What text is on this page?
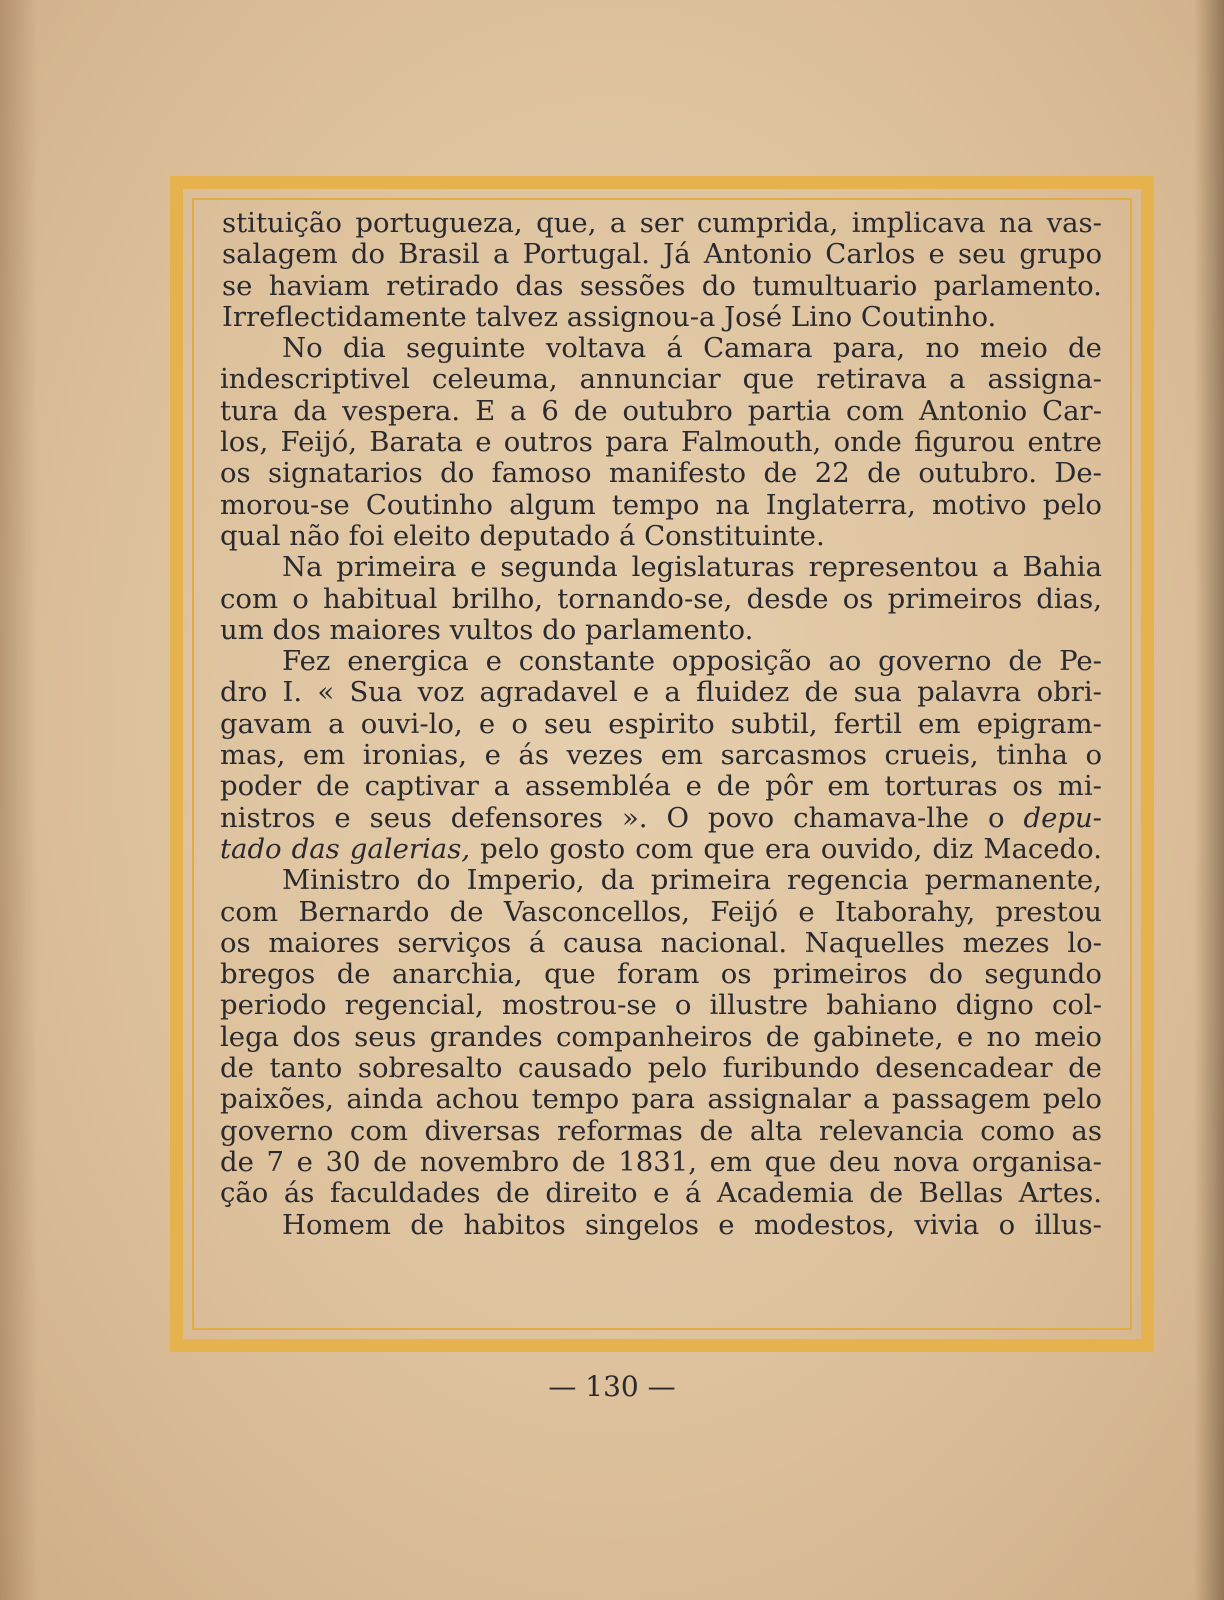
stituição portugueza, que, a ser cumprida, implicava na vas-
salagem do Brasil a Portugal. Já Antonio Carlos e seu grupo
se haviam retirado das sessões do tumultuario parlamento.
Irreflectidamente talvez assignou-a José Lino Coutinho.
No dia seguinte voltava á Camara para, no meio de
indescriptivel celeuma, annunciar que retirava a assigna-
tura da vespera. E a 6 de outubro partia com Antonio Car-
los, Feijó, Barata e outros para Falmouth, onde figurou entre
os signatarios do famoso manifesto de 22 de outubro. De-
morou-se Coutinho algum tempo na Inglaterra, motivo pelo
qual não foi eleito deputado á Constituinte.
Na primeira e segunda legislaturas representou a Bahia
com o habitual brilho, tornando-se, desde os primeiros dias,
um dos maiores vultos do parlamento.
Fez energica e constante opposição ao governo de Pe-
dro I. « Sua voz agradavel e a fluidez de sua palavra obri-
gavam a ouvi-lo, e o seu espirito subtil, fertil em epigram-
mas, em ironias, e ás vezes em sarcasmos crueis, tinha o
poder de captivar a assembléa e de pôr em torturas os mi-
nistros e seus defensores ». O povo chamava-lhe o depu-
tado das galerias, pelo gosto com que era ouvido, diz Macedo.
Ministro do Imperio, da primeira regencia permanente,
com Bernardo de Vasconcellos, Feijó e Itaborahy, prestou
os maiores serviços á causa nacional. Naquelles mezes lo-
bregos de anarchia, que foram os primeiros do segundo
periodo regencial, mostrou-se o illustre bahiano digno col-
lega dos seus grandes companheiros de gabinete, e no meio
de tanto sobresalto causado pelo furibundo desencadear de
paixões, ainda achou tempo para assignalar a passagem pelo
governo com diversas reformas de alta relevancia como as
de 7 e 30 de novembro de 1831, em que deu nova organisa-
ção ás faculdades de direito e á Academia de Bellas Artes.
Homem de habitos singelos e modestos, vivia o illus-
— 130 —
